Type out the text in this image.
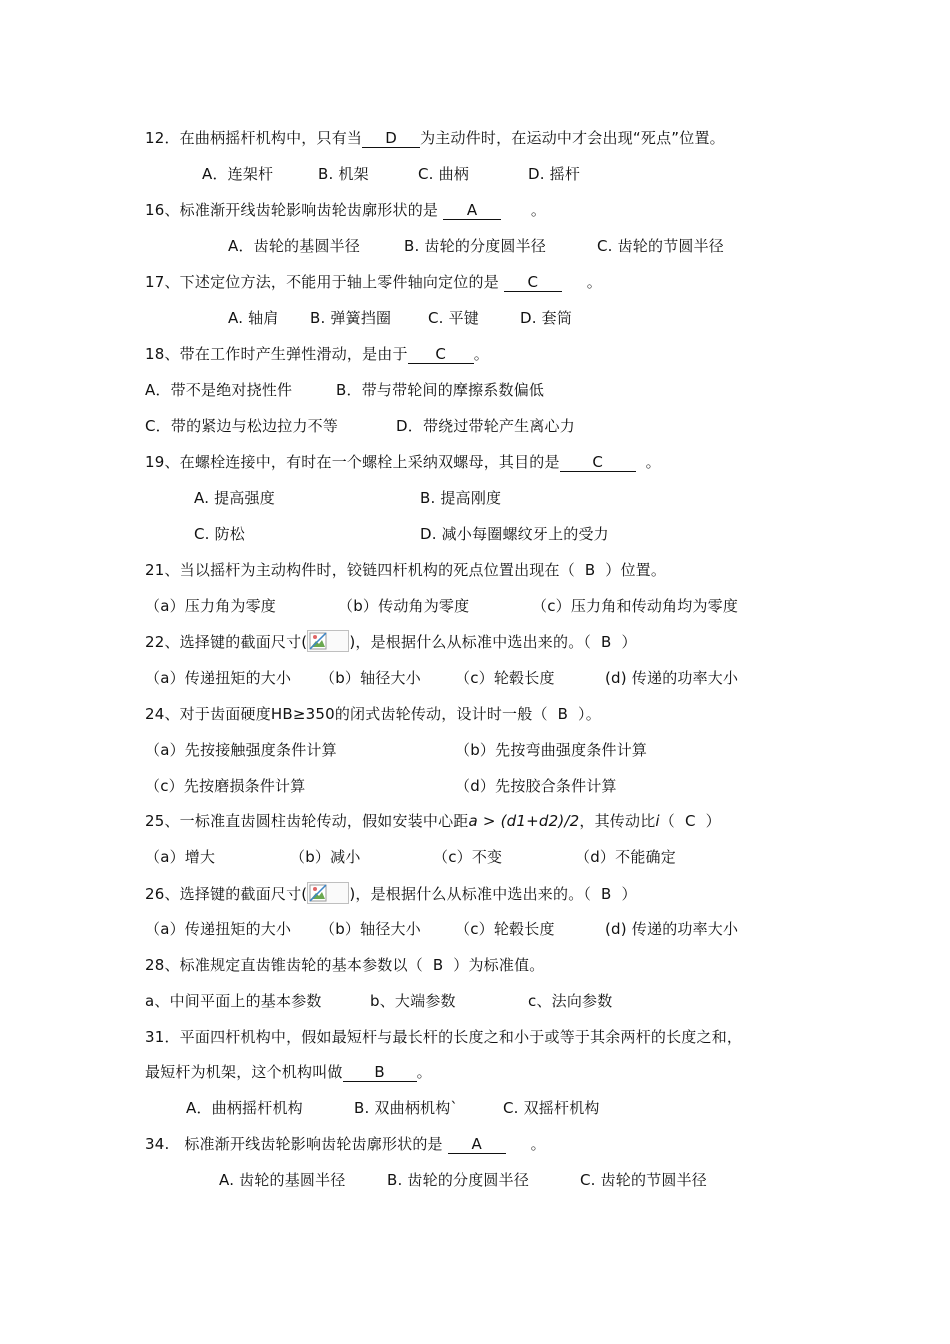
12．在曲柄摇杆机构中，只有当 D 为主动件时，在运动中才会出现“死点”位置。
A．连架杆	B. 机架	C. 曲柄	D. 摇杆
16、标准渐开线齿轮影响齿轮齿廓形状的是 A	。
A．齿轮的基圆半径	B. 齿轮的分度圆半径	C. 齿轮的节圆半径
17、下述定位方法，不能用于轴上零件轴向定位的是 C	。
A. 轴肩 B. 弹簧挡圈 C. 平键	D. 套筒
18、带在工作时产生弹性滑动，是由于 C 。
A．带不是绝对挠性件	B．带与带轮间的摩擦系数偏低
C．带的紧边与松边拉力不等	D．带绕过带轮产生离心力
19、在螺栓连接中，有时在一个螺栓上采纳双螺母，其目的是 C	。
A. 提高强度	B. 提高刚度
C. 防松	D. 减小每圈螺纹牙上的受力
21、当以摇杆为主动构件时，铰链四杆机构的死点位置出现在（ B ）位置。
（a）压力角为零度	（b）传动角为零度	（c）压力角和传动角均为零度
22、选择键的截面尺寸(	)，是根据什么从标准中选出来的。（ B ）
（a）传递扭矩的大小 （b）轴径大小 （c）轮毂长度	(d) 传递的功率大小
24、对于齿面硬度HB≥350的闭式齿轮传动，设计时一般（ B ）。
（a）先按接触强度条件计算	（b）先按弯曲强度条件计算
（c）先按磨损条件计算	（d）先按胶合条件计算
25、一标准直齿圆柱齿轮传动，假如安装中心距a > (d1+d2)/2，其传动比i（  C ）
（a）增大	（b）减小	（c）不变	（d）不能确定
26、选择键的截面尺寸(	)，是根据什么从标准中选出来的。（ B ）
（a）传递扭矩的大小 （b）轴径大小 （c）轮毂长度	(d) 传递的功率大小
28、标准规定直齿锥齿轮的基本参数以（ B ）为标准值。
a、中间平面上的基本参数	b、大端参数	c、法向参数
31．平面四杆机构中，假如最短杆与最长杆的长度之和小于或等于其余两杆的长度之和，
最短杆为机架，这个机构叫做 B 。
A．曲柄摇杆机构	B. 双曲柄机构`	C. 双摇杆机构
34.   标准渐开线齿轮影响齿轮齿廓形状的是 A	。
A. 齿轮的基圆半径	B. 齿轮的分度圆半径	C. 齿轮的节圆半径
